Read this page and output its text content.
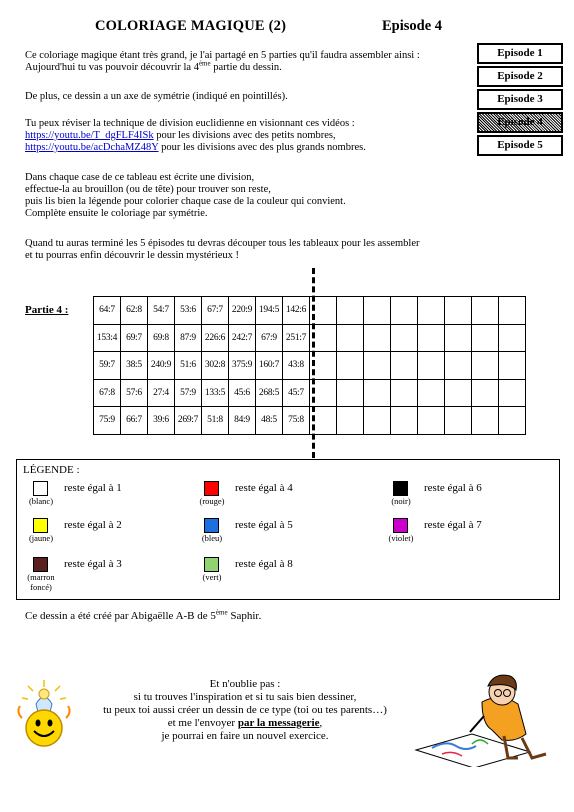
COLORIAGE MAGIQUE (2)	Episode 4
Episode 1
Episode 2
Episode 3
Episode 4
Episode 5
Ce coloriage magique étant très grand, je l'ai partagé en 5 parties qu'il faudra assembler ainsi :
Aujourd'hui tu vas pouvoir découvrir la 4ème partie du dessin.
De plus, ce dessin a un axe de symétrie (indiqué en pointillés).
Tu peux réviser la technique de division euclidienne en visionnant ces vidéos :
https://youtu.be/T_dgFLF4ISk pour les divisions avec des petits nombres,
https://youtu.be/acDchaMZ48Y pour les divisions avec des plus grands nombres.
Dans chaque case de ce tableau est écrite une division,
effectue-la au brouillon (ou de tête) pour trouver son reste,
puis lis bien la légende pour colorier chaque case de la couleur qui convient.
Complète ensuite le coloriage par symétrie.
Quand tu auras terminé les 5 épisodes tu devras découper tous les tableaux pour les assembler
et tu pourras enfin découvrir le dessin mystérieux !
Partie 4 :	64:7	62:8	54:7	53:6	67:7	220:9	194:5	142:6								
153:4	69:7	69:8	87:9	226:6	242:7	67:9	251:7								
59:7	38:5	240:9	51:6	302:8	375:9	160:7	43:8								
67:8	57:6	27:4	57:9	133:5	45:6	268:5	45:7								
75:9	66:7	39:6	269:7	51:8	84:9	48:5	75:8								
LÉGENDE :
(blanc)
reste égal à 1
(rouge)
reste égal à 4
(noir)
reste égal à 6
(jaune)
reste égal à 2
(bleu)
reste égal à 5
(violet)
reste égal à 7
(marron foncé)
reste égal à 3
(vert)
reste égal à 8
Ce dessin a été créé par Abigaëlle A-B de 5ème Saphir.
Et n'oublie pas :
si tu trouves l'inspiration et si tu sais bien dessiner,
tu peux toi aussi créer un dessin de ce type (toi ou tes parents…)
et me l'envoyer par la messagerie,
je pourrai en faire un nouvel exercice.
